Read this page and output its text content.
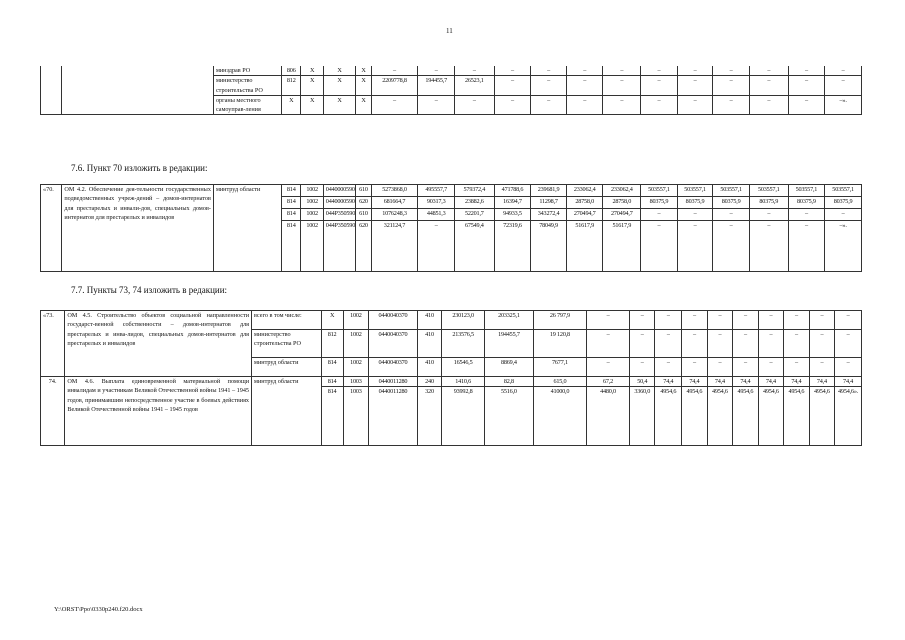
11
		минздрав РО	806	Х	Х	Х	–	–	–	–	–	–	–	–	–	–	–	–	–
		министерство строительства РО	812	Х	Х	Х	2209778,8	194455,7	26523,1	–	–	–	–	–	–	–	–	–	–
		органы местного самоуправ-ления	Х	Х	Х	Х	–	–	–	–	–	–	–	–	–	–	–	–	–».
7.6. Пункт 70 изложить в редакции:
«70.	ОМ 4.2. Обеспечение дея-тельности государственных подведомственных учреж-дений – домов-интернатов для престарелых и инвали-дов, специальных домов-интернатов для престарелых и инвалидов	минтруд области	814	1002	0440000590	610	5273868,0	495557,7	579372,4	471788,6	239681,9	233062,4	233062,4	503557,1	503557,1	503557,1	503557,1	503557,1	503557,1
			814	1002	0440000590	620	681664,7	90317,3	23882,6	16394,7	11298,7	28758,0	28758,0	80375,9	80375,9	80375,9	80375,9	80375,9	80375,9
			814	1002	044P350590	610	1076248,3	44851,3	52201,7	94933,5	343272,4	270494,7	270494,7	–	–	–	–	–	–
			814	1002	044P350590	620	321124,7	–	67549,4	72319,6	78049,9	51617,9	51617,9	–	–	–	–	–	–».
7.7. Пункты 73, 74 изложить в редакции:
«73.	ОМ 4.5. Строительство объектов социальной направленности государст-венной собственности – домов-интернатов для престарелых и инва-лидов, специальных домов-интернатов для престарелых и инвалидов	всего в том числе:	Х	1002	0440040370	410	230123,0	203325,1	26 797,9	–	–	–	–	–	–	–	–	–	–
		министерство строительства РО	812	1002	0440040370	410	213576,5	194455,7	19 120,8	–	–	–	–	–	–	–	–	–	–
		минтруд области	814	1002	0440040370	410	16546,5	8869,4	7677,1	–	–	–	–	–	–	–	–	–	–
74.	ОМ 4.6. Выплата единовременной материальной помощи инвалидам и участникам Великой Отечественной войны 1941 – 1945 годов, принимавшим непосредственное участие в боевых действиях Великой Отечественной войны 1941 – 1945 годов	минтруд области	814	1003	0440011280	240	1410,6	82,8	615,0	67,2	50,4	74,4	74,4	74,4	74,4	74,4	74,4	74,4	74,4
			814	1003	0440011280	320	93992,8	5516,0	41000,0	4480,0	3360,0	4954,6	4954,6	4954,6	4954,6	4954,6	4954,6	4954,6	4954,6».
Y:\ORST\Ppo\0330p240.f20.docx
